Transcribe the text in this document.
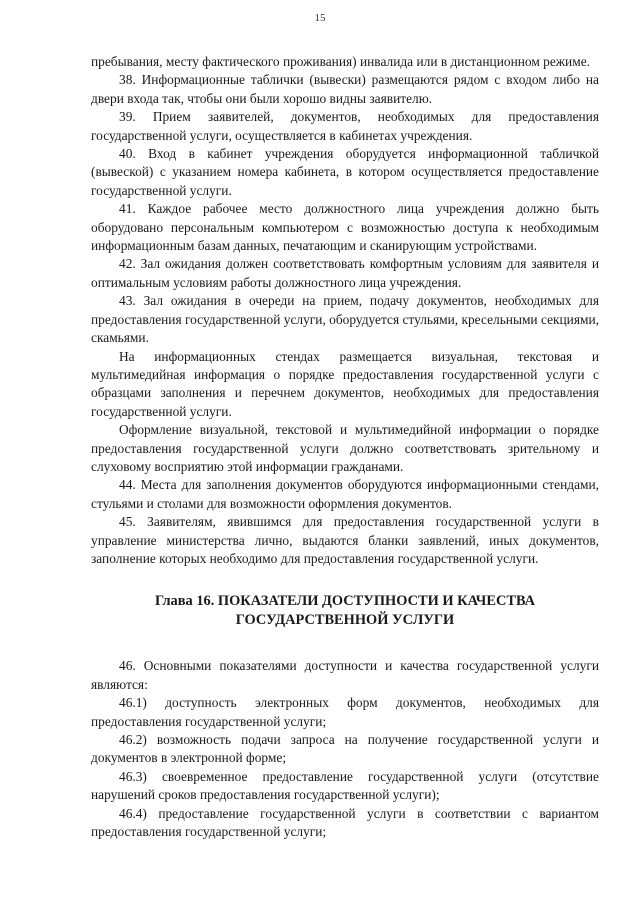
15

пребывания, месту фактического проживания) инвалида или в дистанционном режиме.

38. Информационные таблички (вывески) размещаются рядом с входом либо на двери входа так, чтобы они были хорошо видны заявителю.

39. Прием заявителей, документов, необходимых для предоставления государственной услуги, осуществляется в кабинетах учреждения.

40. Вход в кабинет учреждения оборудуется информационной табличкой (вывеской) с указанием номера кабинета, в котором осуществляется предоставление государственной услуги.

41. Каждое рабочее место должностного лица учреждения должно быть оборудовано персональным компьютером с возможностью доступа к необходимым информационным базам данных, печатающим и сканирующим устройствами.

42. Зал ожидания должен соответствовать комфортным условиям для заявителя и оптимальным условиям работы должностного лица учреждения.

43. Зал ожидания в очереди на прием, подачу документов, необходимых для предоставления государственной услуги, оборудуется стульями, кресельными секциями, скамьями.

На информационных стендах размещается визуальная, текстовая и мультимедийная информация о порядке предоставления государственной услуги с образцами заполнения и перечнем документов, необходимых для предоставления государственной услуги.

Оформление визуальной, текстовой и мультимедийной информации о порядке предоставления государственной услуги должно соответствовать зрительному и слуховому восприятию этой информации гражданами.

44. Места для заполнения документов оборудуются информационными стендами, стульями и столами для возможности оформления документов.

45. Заявителям, явившимся для предоставления государственной услуги в управление министерства лично, выдаются бланки заявлений, иных документов, заполнение которых необходимо для предоставления государственной услуги.

Глава 16. ПОКАЗАТЕЛИ ДОСТУПНОСТИ И КАЧЕСТВА
ГОСУДАРСТВЕННОЙ УСЛУГИ

46. Основными показателями доступности и качества государственной услуги являются:

46.1) доступность электронных форм документов, необходимых для предоставления государственной услуги;

46.2) возможность подачи запроса на получение государственной услуги и документов в электронной форме;

46.3) своевременное предоставление государственной услуги (отсутствие нарушений сроков предоставления государственной услуги);

46.4) предоставление государственной услуги в соответствии с вариантом предоставления государственной услуги;
